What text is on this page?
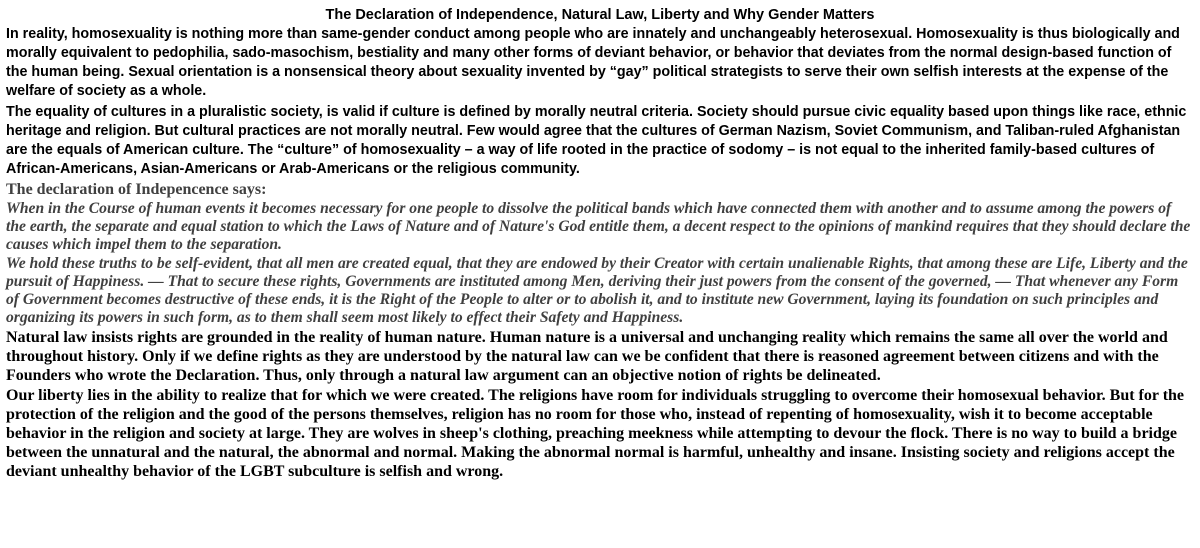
The Declaration of Independence, Natural Law, Liberty and Why Gender Matters

In reality, homosexuality is nothing more than same-gender conduct among people who are innately and unchangeably heterosexual. Homosexuality is thus biologically and morally equivalent to pedophilia, sado-masochism, bestiality and many other forms of deviant behavior, or behavior that deviates from the normal design-based function of the human being. Sexual orientation is a nonsensical theory about sexuality invented by “gay” political strategists to serve their own selfish interests at the expense of the welfare of society as a whole.

The equality of cultures in a pluralistic society, is valid if culture is defined by morally neutral criteria. Society should pursue civic equality based upon things like race, ethnic heritage and religion. But cultural practices are not morally neutral. Few would agree that the cultures of German Nazism, Soviet Communism, and Taliban-ruled Afghanistan are the equals of American culture. The “culture” of homosexuality – a way of life rooted in the practice of sodomy – is not equal to the inherited family-based cultures of African-Americans, Asian-Americans or Arab-Americans or the religious community.

The declaration of Indepencence says:

When in the Course of human events it becomes necessary for one people to dissolve the political bands which have connected them with another and to assume among the powers of the earth, the separate and equal station to which the Laws of Nature and of Nature's God entitle them, a decent respect to the opinions of mankind requires that they should declare the causes which impel them to the separation.

We hold these truths to be self-evident, that all men are created equal, that they are endowed by their Creator with certain unalienable Rights, that among these are Life, Liberty and the pursuit of Happiness. — That to secure these rights, Governments are instituted among Men, deriving their just powers from the consent of the governed, — That whenever any Form of Government becomes destructive of these ends, it is the Right of the People to alter or to abolish it, and to institute new Government, laying its foundation on such principles and organizing its powers in such form, as to them shall seem most likely to effect their Safety and Happiness.

Natural law insists rights are grounded in the reality of human nature. Human nature is a universal and unchanging reality which remains the same all over the world and throughout history. Only if we define rights as they are understood by the natural law can we be confident that there is reasoned agreement between citizens and with the Founders who wrote the Declaration. Thus, only through a natural law argument can an objective notion of rights be delineated.

Our liberty lies in the ability to realize that for which we were created. The religions have room for individuals struggling to overcome their homosexual behavior. But for the protection of the religion and the good of the persons themselves, religion has no room for those who, instead of repenting of homosexuality, wish it to become acceptable behavior in the religion and society at large. They are wolves in sheep's clothing, preaching meekness while attempting to devour the flock. There is no way to build a bridge between the unnatural and the natural, the abnormal and normal. Making the abnormal normal is harmful, unhealthy and insane. Insisting society and religions accept the deviant unhealthy behavior of the LGBT subculture is selfish and wrong.
